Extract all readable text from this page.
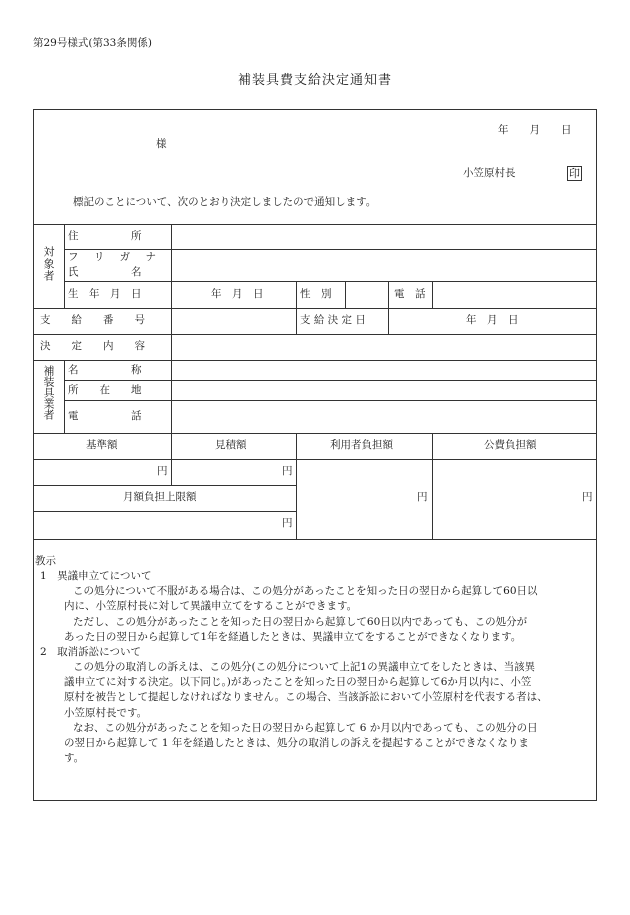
第29号様式(第33条関係)
補装具費支給決定通知書
年　　月　　日
様
小笠原村長	印
標記のことについて、次のとおり決定しましたので通知します。
対象者
住　　　　　所
フ リ ガ ナ
氏　　　　　名
生　年　月　日	年　月　日	性　別	電　話
支　　給　　番　　号	支 給 決 定 日	年　月　日
決　　定　　内　　容
補装具業者 名　　　　　称
所　　在　　地
電　　　　　話
基準額	見積額	利用者負担額	公費負担額
円	円
月額負担上限額
円
円	円
教示
1　異議申立てについて
この処分について不服がある場合は、この処分があったことを知った日の翌日から起算して60日以
内に、小笠原村長に対して異議申立てをすることができます。
ただし、この処分があったことを知った日の翌日から起算して60日以内であっても、この処分が
あった日の翌日から起算して1年を経過したときは、異議申立てをすることができなくなります。
2　取消訴訟について
この処分の取消しの訴えは、この処分(この処分について上記1の異議申立てをしたときは、当該異
議申立てに対する決定。以下同じ。)があったことを知った日の翌日から起算して6か月以内に、小笠
原村を被告として提起しなければなりません。この場合、当該訴訟において小笠原村を代表する者は、
小笠原村長です。
なお、この処分があったことを知った日の翌日から起算して 6 か月以内であっても、この処分の日
の翌日から起算して 1 年を経過したときは、処分の取消しの訴えを提起することができなくなりま
す。
